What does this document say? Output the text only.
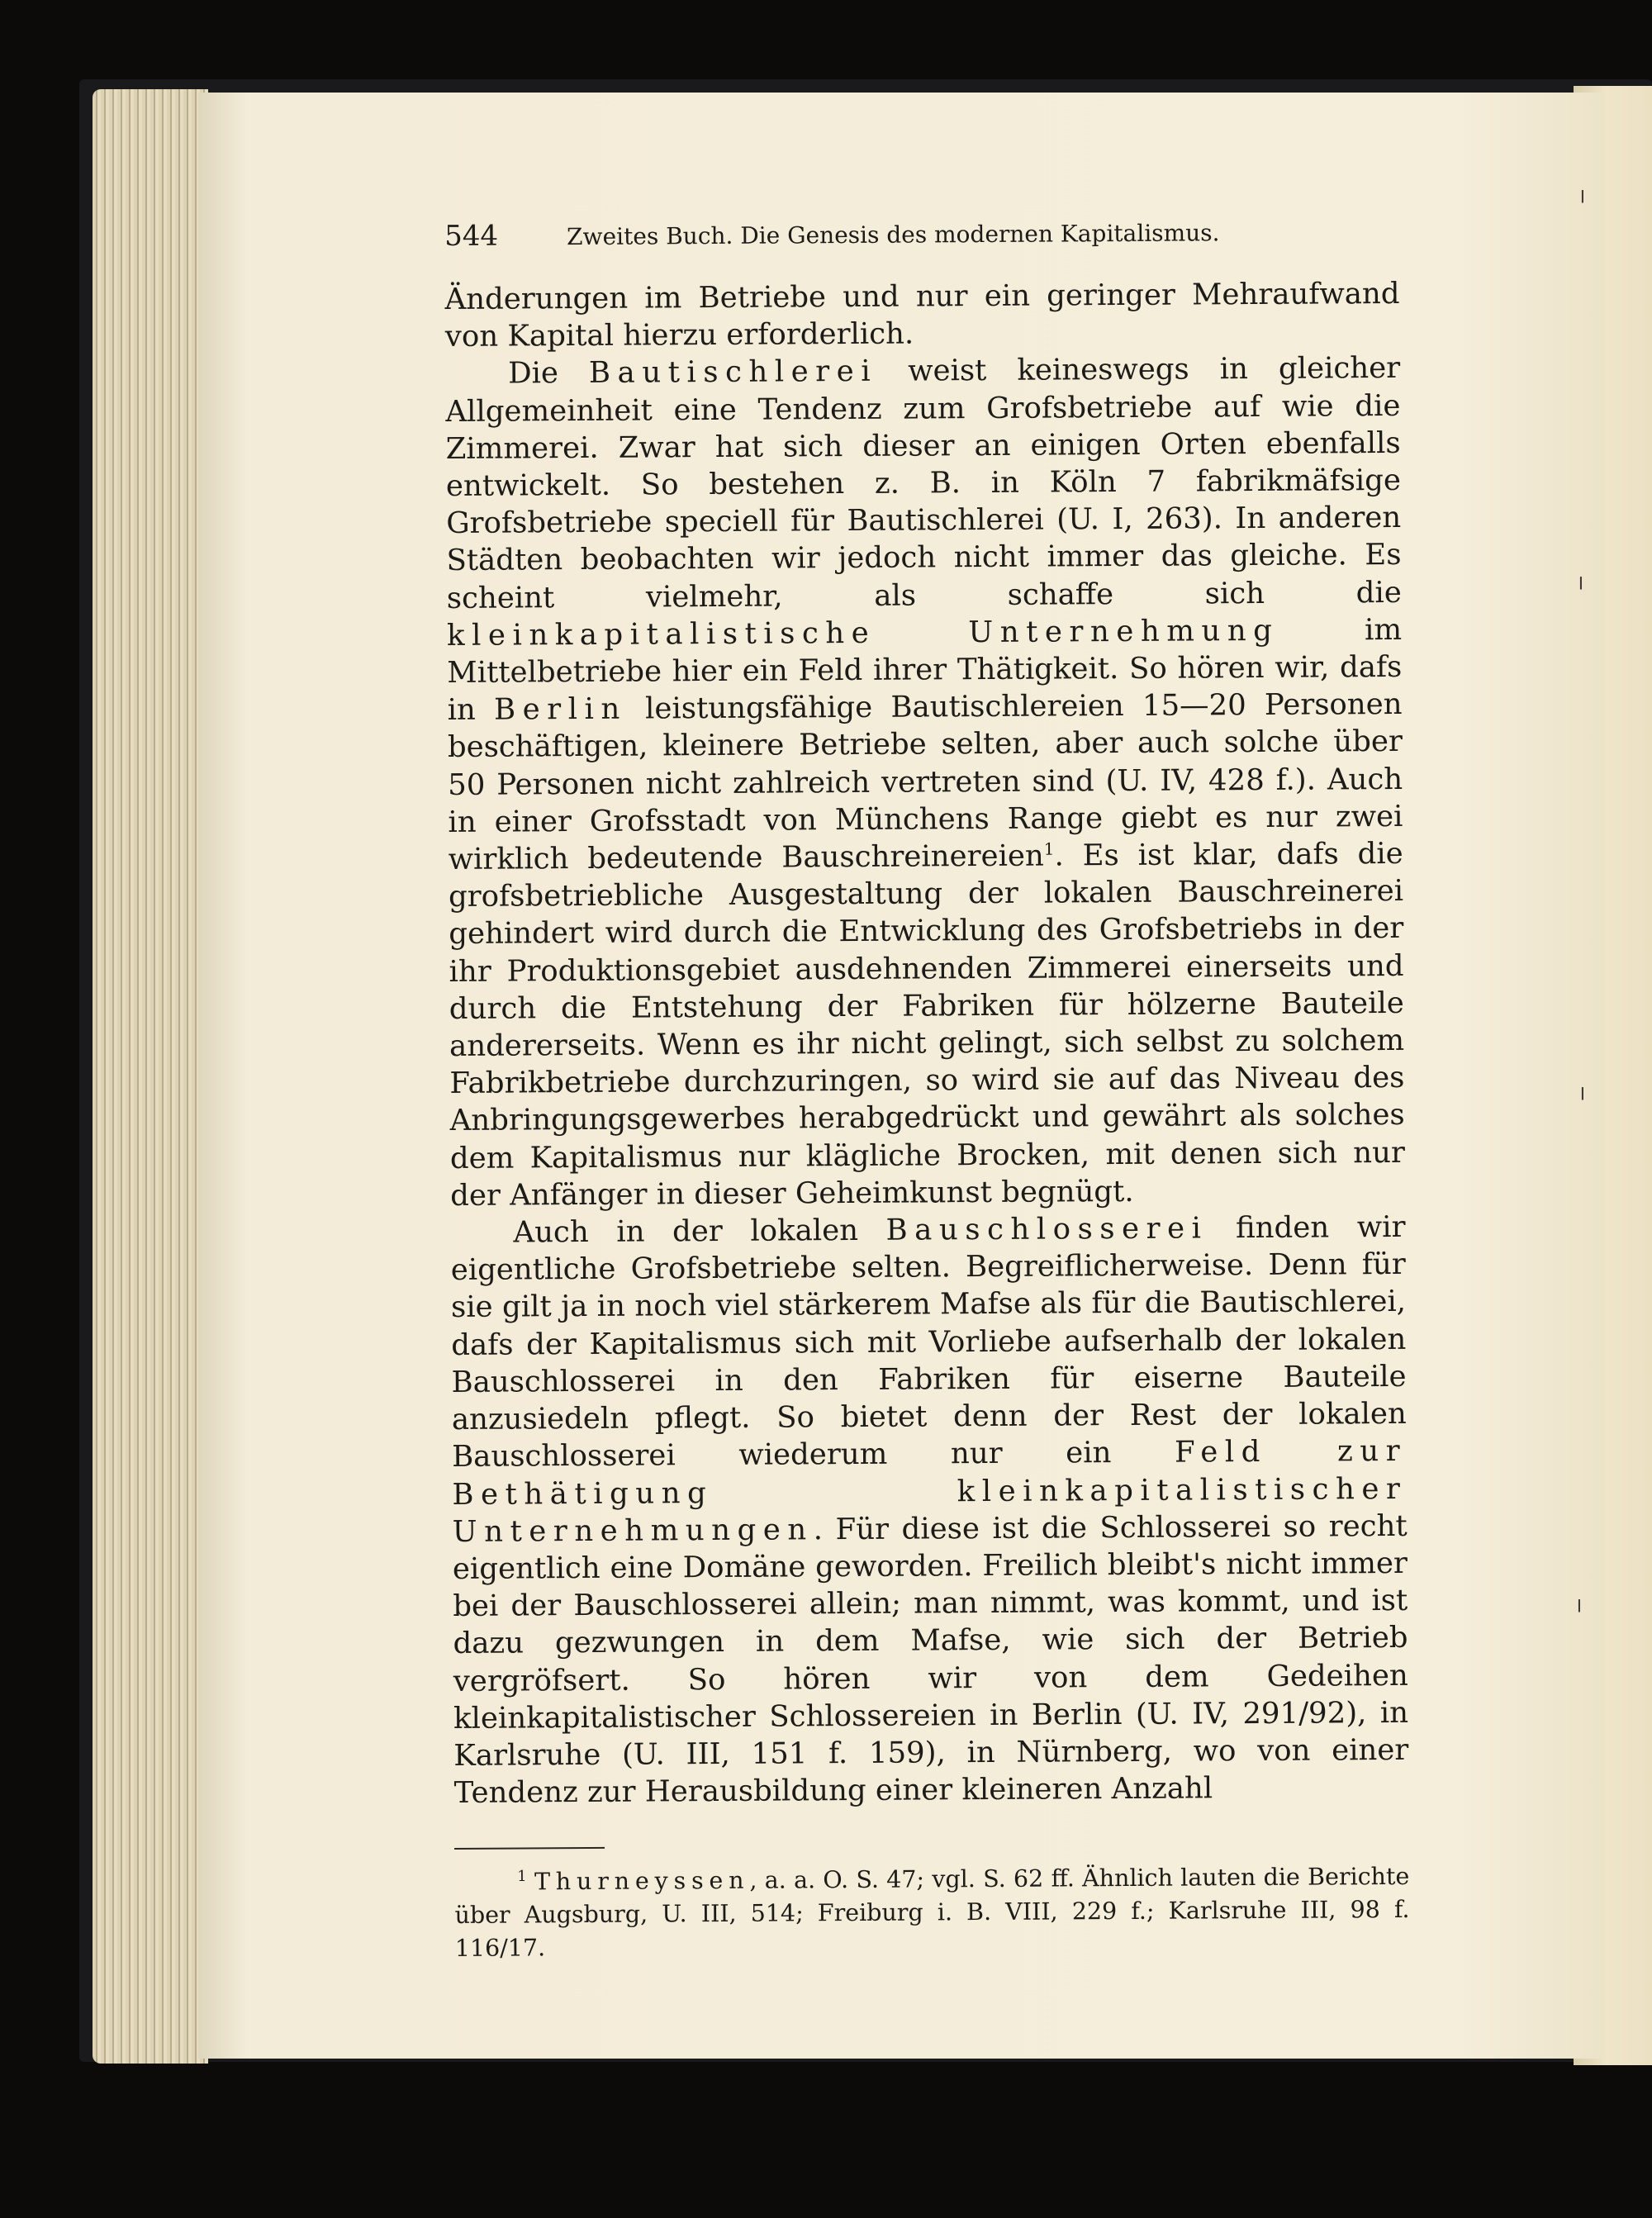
544	Zweites Buch. Die Genesis des modernen Kapitalismus.

Änderungen im Betriebe und nur ein geringer Mehraufwand von Kapital hierzu erforderlich.

Die Bautischlerei weist keineswegs in gleicher Allgemeinheit eine Tendenz zum Grofsbetriebe auf wie die Zimmerei. Zwar hat sich dieser an einigen Orten ebenfalls entwickelt. So bestehen z. B. in Köln 7 fabrikmäfsige Grofsbetriebe speciell für Bautischlerei (U. I, 263). In anderen Städten beobachten wir jedoch nicht immer das gleiche. Es scheint vielmehr, als schaffe sich die kleinkapitalistische Unternehmung im Mittelbetriebe hier ein Feld ihrer Thätigkeit. So hören wir, dafs in Berlin leistungsfähige Bautischlereien 15—20 Personen beschäftigen, kleinere Betriebe selten, aber auch solche über 50 Personen nicht zahlreich vertreten sind (U. IV, 428 f.). Auch in einer Grofsstadt von Münchens Range giebt es nur zwei wirklich bedeutende Bauschreinereien$^1$. Es ist klar, dafs die grofsbetriebliche Ausgestaltung der lokalen Bauschreinerei gehindert wird durch die Entwicklung des Grofsbetriebs in der ihr Produktionsgebiet ausdehnenden Zimmerei einerseits und durch die Entstehung der Fabriken für hölzerne Bauteile andererseits. Wenn es ihr nicht gelingt, sich selbst zu solchem Fabrikbetriebe durchzuringen, so wird sie auf das Niveau des Anbringungsgewerbes herabgedrückt und gewährt als solches dem Kapitalismus nur klägliche Brocken, mit denen sich nur der Anfänger in dieser Geheimkunst begnügt.

Auch in der lokalen Bauschlosserei finden wir eigentliche Grofsbetriebe selten. Begreiflicherweise. Denn für sie gilt ja in noch viel stärkerem Mafse als für die Bautischlerei, dafs der Kapitalismus sich mit Vorliebe aufserhalb der lokalen Bauschlosserei in den Fabriken für eiserne Bauteile anzusiedeln pflegt. So bietet denn der Rest der lokalen Bauschlosserei wiederum nur ein Feld zur Bethätigung kleinkapitalistischer Unternehmungen. Für diese ist die Schlosserei so recht eigentlich eine Domäne geworden. Freilich bleibt's nicht immer bei der Bauschlosserei allein; man nimmt, was kommt, und ist dazu gezwungen in dem Mafse, wie sich der Betrieb vergröfsert. So hören wir von dem Gedeihen kleinkapitalistischer Schlossereien in Berlin (U. IV, 291/92), in Karlsruhe (U. III, 151 f. 159), in Nürnberg, wo von einer Tendenz zur Herausbildung einer kleineren Anzahl

$^1$ Thurneyssen, a. a. O. S. 47; vgl. S. 62 ff. Ähnlich lauten die Berichte über Augsburg, U. III, 514; Freiburg i. B. VIII, 229 f.; Karlsruhe III, 98 f. 116/17.
╷
╷
╷
╷
